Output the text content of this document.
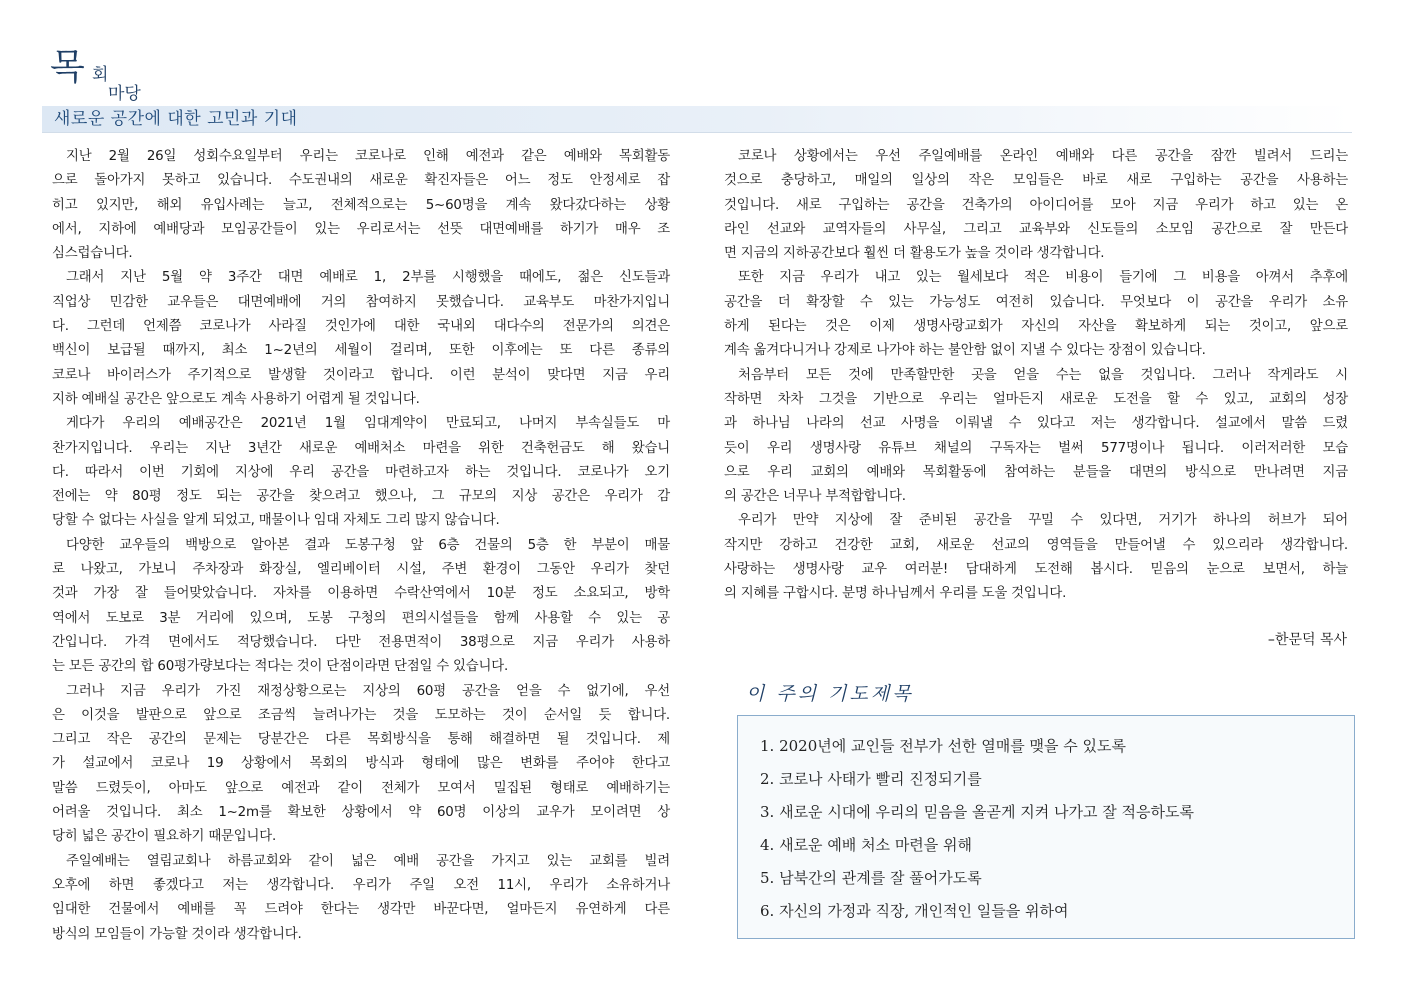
목 회
마당
새로운 공간에 대한 고민과 기대
지난 2월 26일 성회수요일부터 우리는 코로나로 인해 예전과 같은 예배와 목회활동
으로 돌아가지 못하고 있습니다. 수도권내의 새로운 확진자들은 어느 정도 안정세로 잡
히고 있지만, 해외 유입사례는 늘고, 전체적으로는 5~60명을 계속 왔다갔다하는 상황
에서, 지하에 예배당과 모임공간들이 있는 우리로서는 선뜻 대면예배를 하기가 매우 조
심스럽습니다.
그래서 지난 5월 약 3주간 대면 예배로 1, 2부를 시행했을 때에도, 젊은 신도들과
직업상 민감한 교우들은 대면예배에 거의 참여하지 못했습니다. 교육부도 마찬가지입니
다. 그런데 언제쯤 코로나가 사라질 것인가에 대한 국내외 대다수의 전문가의 의견은
백신이 보급될 때까지, 최소 1~2년의 세월이 걸리며, 또한 이후에는 또 다른 종류의
코로나 바이러스가 주기적으로 발생할 것이라고 합니다. 이런 분석이 맞다면 지금 우리
지하 예배실 공간은 앞으로도 계속 사용하기 어렵게 될 것입니다.
게다가 우리의 예배공간은 2021년 1월 임대계약이 만료되고, 나머지 부속실들도 마
찬가지입니다. 우리는 지난 3년간 새로운 예배처소 마련을 위한 건축헌금도 해 왔습니
다. 따라서 이번 기회에 지상에 우리 공간을 마련하고자 하는 것입니다. 코로나가 오기
전에는 약 80평 정도 되는 공간을 찾으려고 했으나, 그 규모의 지상 공간은 우리가 감
당할 수 없다는 사실을 알게 되었고, 매물이나 임대 자체도 그리 많지 않습니다.
다양한 교우들의 백방으로 알아본 결과 도봉구청 앞 6층 건물의 5층 한 부분이 매물
로 나왔고, 가보니 주차장과 화장실, 엘리베이터 시설, 주변 환경이 그동안 우리가 찾던
것과 가장 잘 들어맞았습니다. 자차를 이용하면 수락산역에서 10분 정도 소요되고, 방학
역에서 도보로 3분 거리에 있으며, 도봉 구청의 편의시설들을 함께 사용할 수 있는 공
간입니다. 가격 면에서도 적당했습니다. 다만 전용면적이 38평으로 지금 우리가 사용하
는 모든 공간의 합 60평가량보다는 적다는 것이 단점이라면 단점일 수 있습니다.
그러나 지금 우리가 가진 재정상황으로는 지상의 60평 공간을 얻을 수 없기에, 우선
은 이것을 발판으로 앞으로 조금씩 늘려나가는 것을 도모하는 것이 순서일 듯 합니다.
그리고 작은 공간의 문제는 당분간은 다른 목회방식을 통해 해결하면 될 것입니다. 제
가 설교에서 코로나 19 상황에서 목회의 방식과 형태에 많은 변화를 주어야 한다고
말씀 드렸듯이, 아마도 앞으로 예전과 같이 전체가 모여서 밀집된 형태로 예배하기는
어려울 것입니다. 최소 1~2m를 확보한 상황에서 약 60명 이상의 교우가 모이려면 상
당히 넓은 공간이 필요하기 때문입니다.
주일예배는 열림교회나 하름교회와 같이 넓은 예배 공간을 가지고 있는 교회를 빌려
오후에 하면 좋겠다고 저는 생각합니다. 우리가 주일 오전 11시, 우리가 소유하거나
임대한 건물에서 예배를 꼭 드려야 한다는 생각만 바꾼다면, 얼마든지 유연하게 다른
방식의 모임들이 가능할 것이라 생각합니다.
코로나 상황에서는 우선 주일예배를 온라인 예배와 다른 공간을 잠깐 빌려서 드리는
것으로 충당하고, 매일의 일상의 작은 모임들은 바로 새로 구입하는 공간을 사용하는
것입니다. 새로 구입하는 공간을 건축가의 아이디어를 모아 지금 우리가 하고 있는 온
라인 선교와 교역자들의 사무실, 그리고 교육부와 신도들의 소모임 공간으로 잘 만든다
면 지금의 지하공간보다 훨씬 더 활용도가 높을 것이라 생각합니다.
또한 지금 우리가 내고 있는 월세보다 적은 비용이 들기에 그 비용을 아껴서 추후에
공간을 더 확장할 수 있는 가능성도 여전히 있습니다. 무엇보다 이 공간을 우리가 소유
하게 된다는 것은 이제 생명사랑교회가 자신의 자산을 확보하게 되는 것이고, 앞으로
계속 옮겨다니거나 강제로 나가야 하는 불안함 없이 지낼 수 있다는 장점이 있습니다.
처음부터 모든 것에 만족할만한 곳을 얻을 수는 없을 것입니다. 그러나 작게라도 시
작하면 차차 그것을 기반으로 우리는 얼마든지 새로운 도전을 할 수 있고, 교회의 성장
과 하나님 나라의 선교 사명을 이뤄낼 수 있다고 저는 생각합니다. 설교에서 말씀 드렸
듯이 우리 생명사랑 유튜브 채널의 구독자는 벌써 577명이나 됩니다. 이러저러한 모습
으로 우리 교회의 예배와 목회활동에 참여하는 분들을 대면의 방식으로 만나려면 지금
의 공간은 너무나 부적합합니다.
우리가 만약 지상에 잘 준비된 공간을 꾸밀 수 있다면, 거기가 하나의 허브가 되어
작지만 강하고 건강한 교회, 새로운 선교의 영역들을 만들어낼 수 있으리라 생각합니다.
사랑하는 생명사랑 교우 여러분! 담대하게 도전해 봅시다. 믿음의 눈으로 보면서, 하늘
의 지혜를 구합시다. 분명 하나님께서 우리를 도울 것입니다.
–한문덕 목사
이 주의 기도제목
1. 2020년에 교인들 전부가 선한 열매를 맺을 수 있도록
2. 코로나 사태가 빨리 진정되기를
3. 새로운 시대에 우리의 믿음을 올곧게 지켜 나가고 잘 적응하도록
4. 새로운 예배 처소 마련을 위해
5. 남북간의 관계를 잘 풀어가도록
6. 자신의 가정과 직장, 개인적인 일들을 위하여
